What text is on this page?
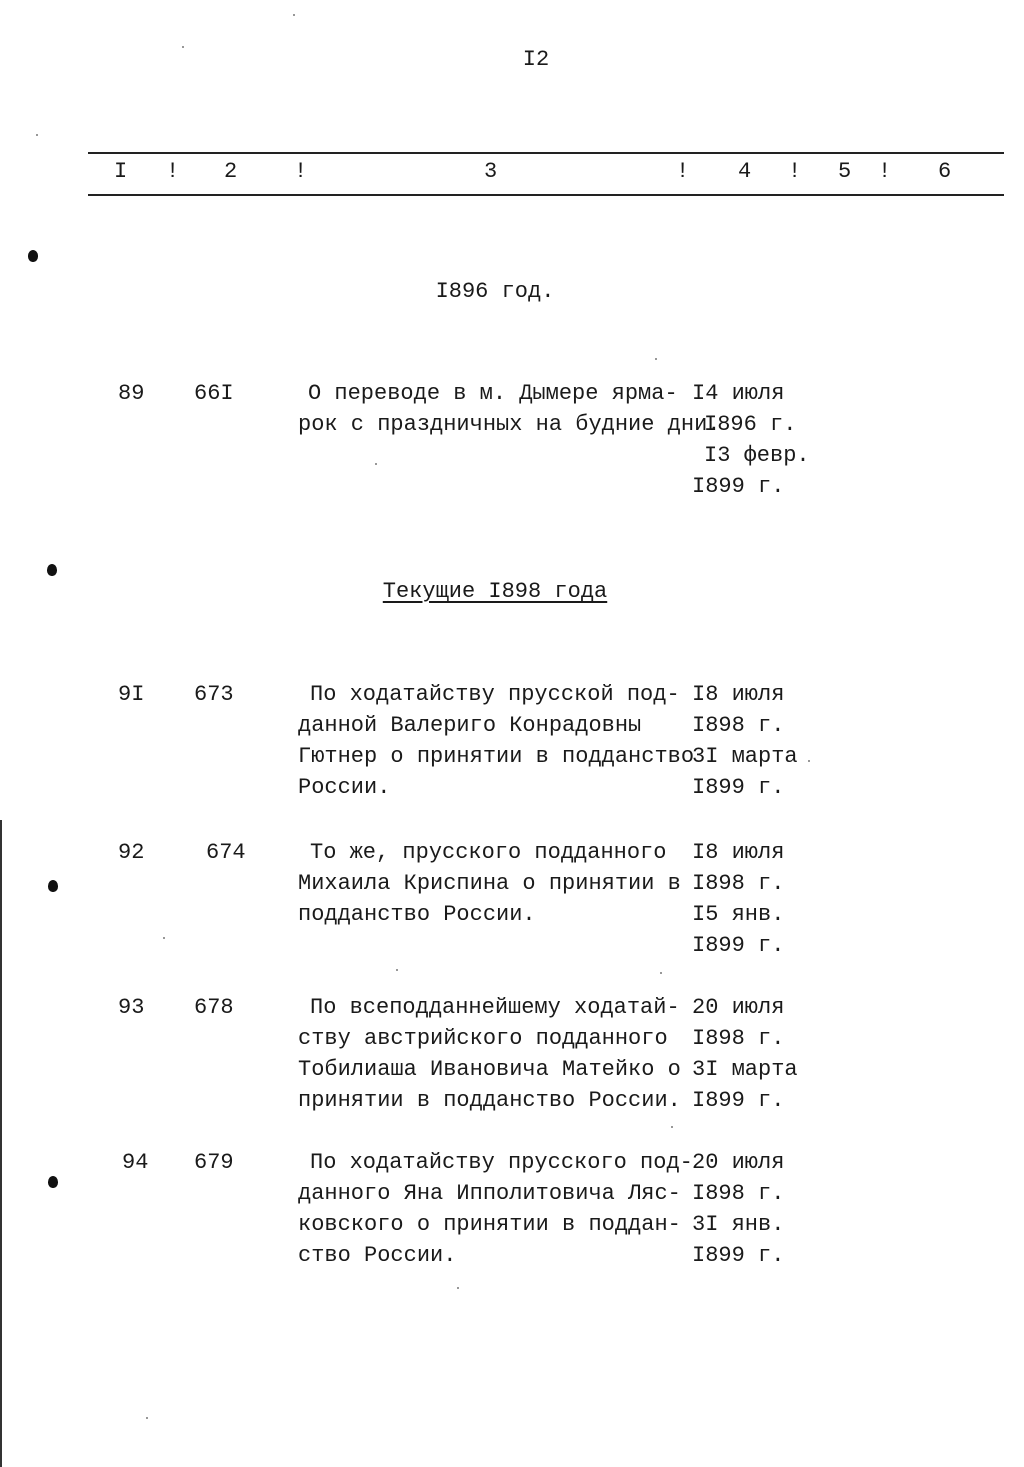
I2
I ! 2	!	3	! 4 ! 5 ! 6
I896 год.
89 66I	О переводе в м. Дымере ярма-
рок с праздничных на будние дни.
I4 июля
I896 г.
I3 февр.
I899 г.
Текущие I898 года
9I 673	По ходатайству прусской под-
данной Валериго Конрадовны
Гютнер о принятии в подданство
России.
I8 июля
I898 г.
3I марта
I899 г.
92	674	То же, прусского подданного
Михаила Криспина о принятии в
подданство России.
I8 июля
I898 г.
I5 янв.
I899 г.
93 678	По всеподданнейшему ходатай-
ству австрийского подданного
Тобилиаша Ивановича Матейко о
принятии в подданство России.
20 июля
I898 г.
3I марта
I899 г.
94 679	По ходатайству прусского под-
данного Яна Ипполитовича Ляс-
ковского о принятии в поддан-
ство России.
20 июля
I898 г.
3I янв.
I899 г.
